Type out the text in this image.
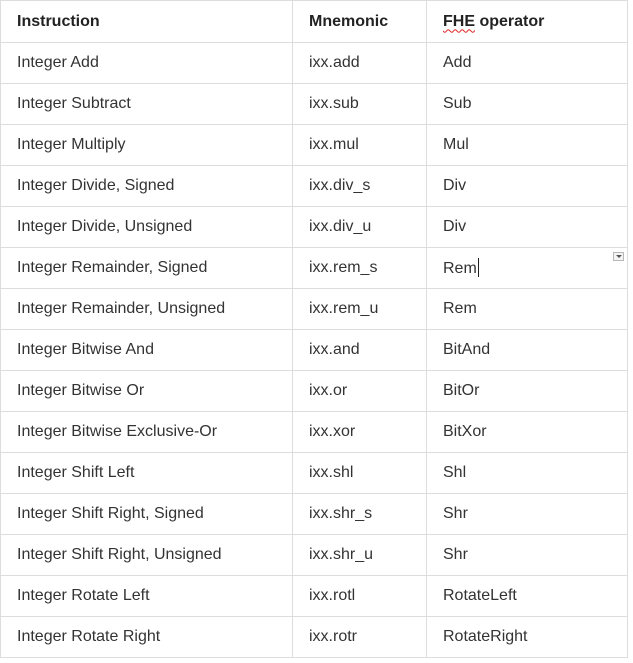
Instruction	Mnemonic	FHE operator
Integer Add	ixx.add	Add
Integer Subtract	ixx.sub	Sub
Integer Multiply	ixx.mul	Mul
Integer Divide, Signed	ixx.div_s	Div
Integer Divide, Unsigned	ixx.div_u	Div
Integer Remainder, Signed	ixx.rem_s	Rem

Integer Remainder, Unsigned	ixx.rem_u	Rem
Integer Bitwise And	ixx.and	BitAnd
Integer Bitwise Or	ixx.or	BitOr
Integer Bitwise Exclusive-Or	ixx.xor	BitXor
Integer Shift Left	ixx.shl	Shl
Integer Shift Right, Signed	ixx.shr_s	Shr
Integer Shift Right, Unsigned	ixx.shr_u	Shr
Integer Rotate Left	ixx.rotl	RotateLeft
Integer Rotate Right	ixx.rotr	RotateRight
